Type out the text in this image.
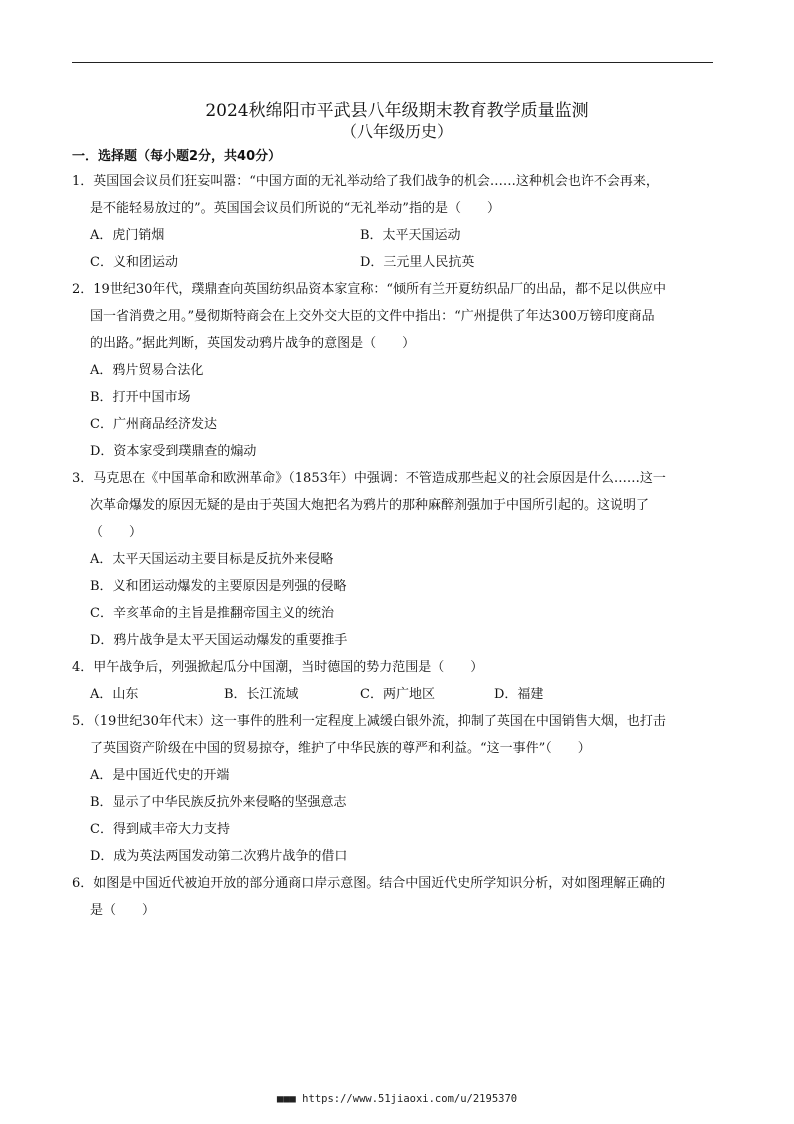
2024秋绵阳市平武县八年级期末教育教学质量监测
（八年级历史）
一．选择题（每小题2分，共40分）
1．英国国会议员们狂妄叫嚣：“中国方面的无礼举动给了我们战争的机会……这种机会也许不会再来，
是不能轻易放过的”。英国国会议员们所说的“无礼举动”指的是（　　）
A．虎门销烟	B．太平天国运动
C．义和团运动	D．三元里人民抗英
2．19世纪30年代，璞鼎查向英国纺织品资本家宣称：“倾所有兰开夏纺织品厂的出品，都不足以供应中
国一省消费之用。”曼彻斯特商会在上交外交大臣的文件中指出：“广州提供了年达300万镑印度商品
的出路。”据此判断，英国发动鸦片战争的意图是（　　）
A．鸦片贸易合法化
B．打开中国市场
C．广州商品经济发达
D．资本家受到璞鼎查的煽动
3．马克思在《中国革命和欧洲革命》（1853年）中强调：不管造成那些起义的社会原因是什么……这一
次革命爆发的原因无疑的是由于英国大炮把名为鸦片的那种麻醉剂强加于中国所引起的。这说明了
（　　）
A．太平天国运动主要目标是反抗外来侵略
B．义和团运动爆发的主要原因是列强的侵略
C．辛亥革命的主旨是推翻帝国主义的统治
D．鸦片战争是太平天国运动爆发的重要推手
4．甲午战争后，列强掀起瓜分中国潮，当时德国的势力范围是（　　）
A．山东	B．长江流域	C．两广地区	D．福建
5．（19世纪30年代末）这一事件的胜利一定程度上减缓白银外流，抑制了英国在中国销售大烟，也打击
了英国资产阶级在中国的贸易掠夺，维护了中华民族的尊严和利益。“这一事件”（　　）
A．是中国近代史的开端
B．显示了中华民族反抗外来侵略的坚强意志
C．得到咸丰帝大力支持
D．成为英法两国发动第二次鸦片战争的借口
6．如图是中国近代被迫开放的部分通商口岸示意图。结合中国近代史所学知识分析，对如图理解正确的
是（　　）
■■■ https://www.51jiaoxi.com/u/2195370
